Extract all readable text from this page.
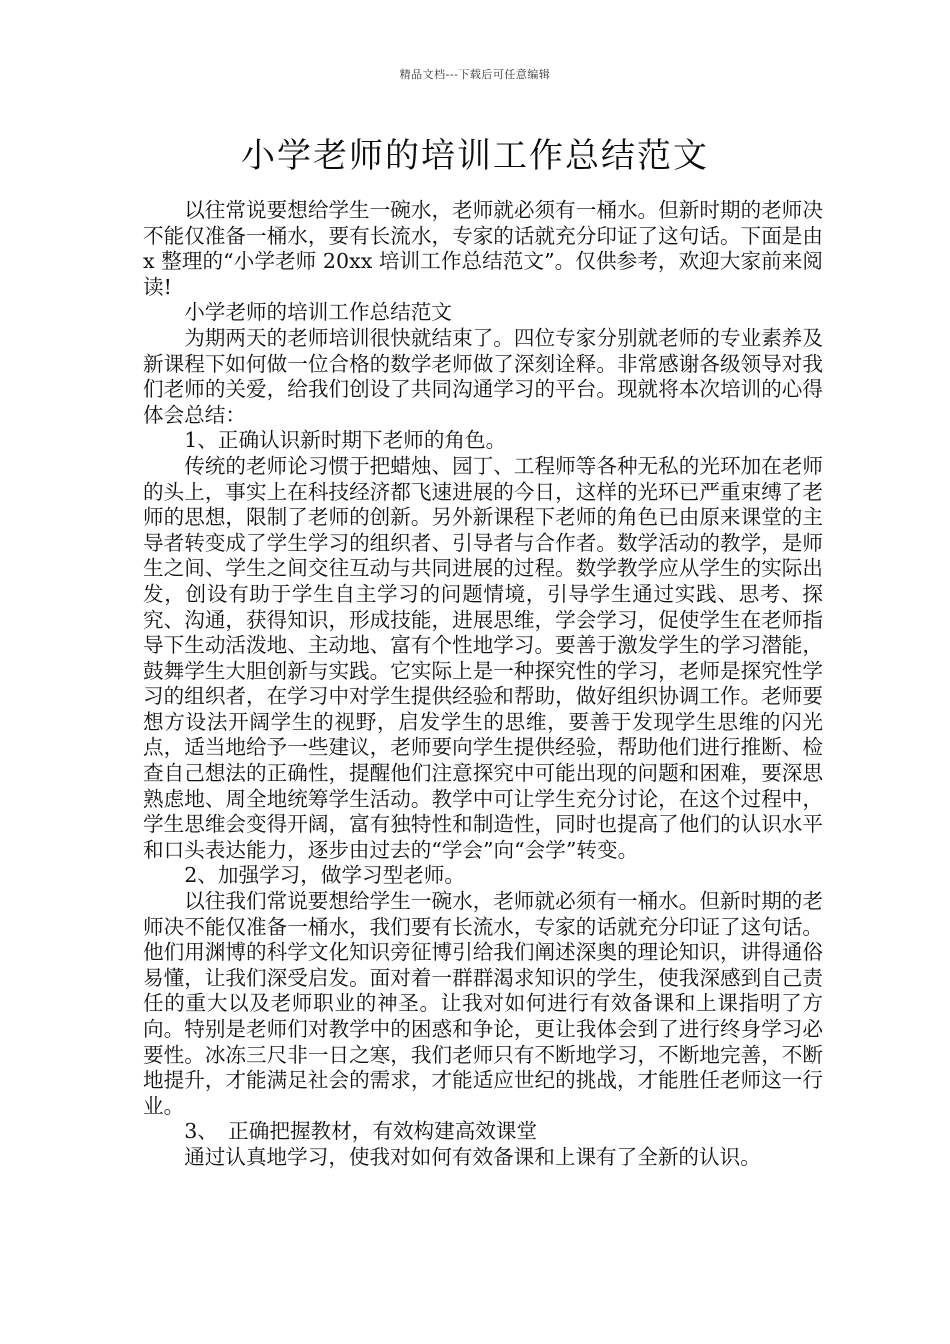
精品文档---下载后可任意编辑
小学老师的培训工作总结范文

以往常说要想给学生一碗水，老师就必须有一桶水。但新时期的老师决不能仅准备一桶水，要有长流水，专家的话就充分印证了这句话。下面是由 x 整理的“小学老师 20xx 培训工作总结范文”。仅供参考，欢迎大家前来阅读!

小学老师的培训工作总结范文

为期两天的老师培训很快就结束了。四位专家分别就老师的专业素养及新课程下如何做一位合格的数学老师做了深刻诠释。非常感谢各级领导对我们老师的关爱，给我们创设了共同沟通学习的平台。现就将本次培训的心得体会总结：

1、正确认识新时期下老师的角色。

传统的老师论习惯于把蜡烛、园丁、工程师等各种无私的光环加在老师的头上，事实上在科技经济都飞速进展的今日，这样的光环已严重束缚了老师的思想，限制了老师的创新。另外新课程下老师的角色已由原来课堂的主导者转变成了学生学习的组织者、引导者与合作者。数学活动的教学，是师生之间、学生之间交往互动与共同进展的过程。数学教学应从学生的实际出发，创设有助于学生自主学习的问题情境，引导学生通过实践、思考、探究、沟通，获得知识，形成技能，进展思维，学会学习，促使学生在老师指导下生动活泼地、主动地、富有个性地学习。要善于激发学生的学习潜能，鼓舞学生大胆创新与实践。它实际上是一种探究性的学习，老师是探究性学习的组织者，在学习中对学生提供经验和帮助，做好组织协调工作。老师要想方设法开阔学生的视野，启发学生的思维，要善于发现学生思维的闪光点，适当地给予一些建议，老师要向学生提供经验，帮助他们进行推断、检查自己想法的正确性，提醒他们注意探究中可能出现的问题和困难，要深思熟虑地、周全地统筹学生活动。教学中可让学生充分讨论，在这个过程中，学生思维会变得开阔，富有独特性和制造性，同时也提高了他们的认识水平和口头表达能力，逐步由过去的“学会”向“会学”转变。

2、加强学习，做学习型老师。

以往我们常说要想给学生一碗水，老师就必须有一桶水。但新时期的老师决不能仅准备一桶水，我们要有长流水，专家的话就充分印证了这句话。他们用渊博的科学文化知识旁征博引给我们阐述深奥的理论知识，讲得通俗易懂，让我们深受启发。面对着一群群渴求知识的学生，使我深感到自己责任的重大以及老师职业的神圣。让我对如何进行有效备课和上课指明了方向。特别是老师们对教学中的困惑和争论，更让我体会到了进行终身学习必要性。冰冻三尺非一日之寒，我们老师只有不断地学习，不断地完善，不断地提升，才能满足社会的需求，才能适应世纪的挑战，才能胜任老师这一行业。

3、　正确把握教材，有效构建高效课堂

通过认真地学习，使我对如何有效备课和上课有了全新的认识。
